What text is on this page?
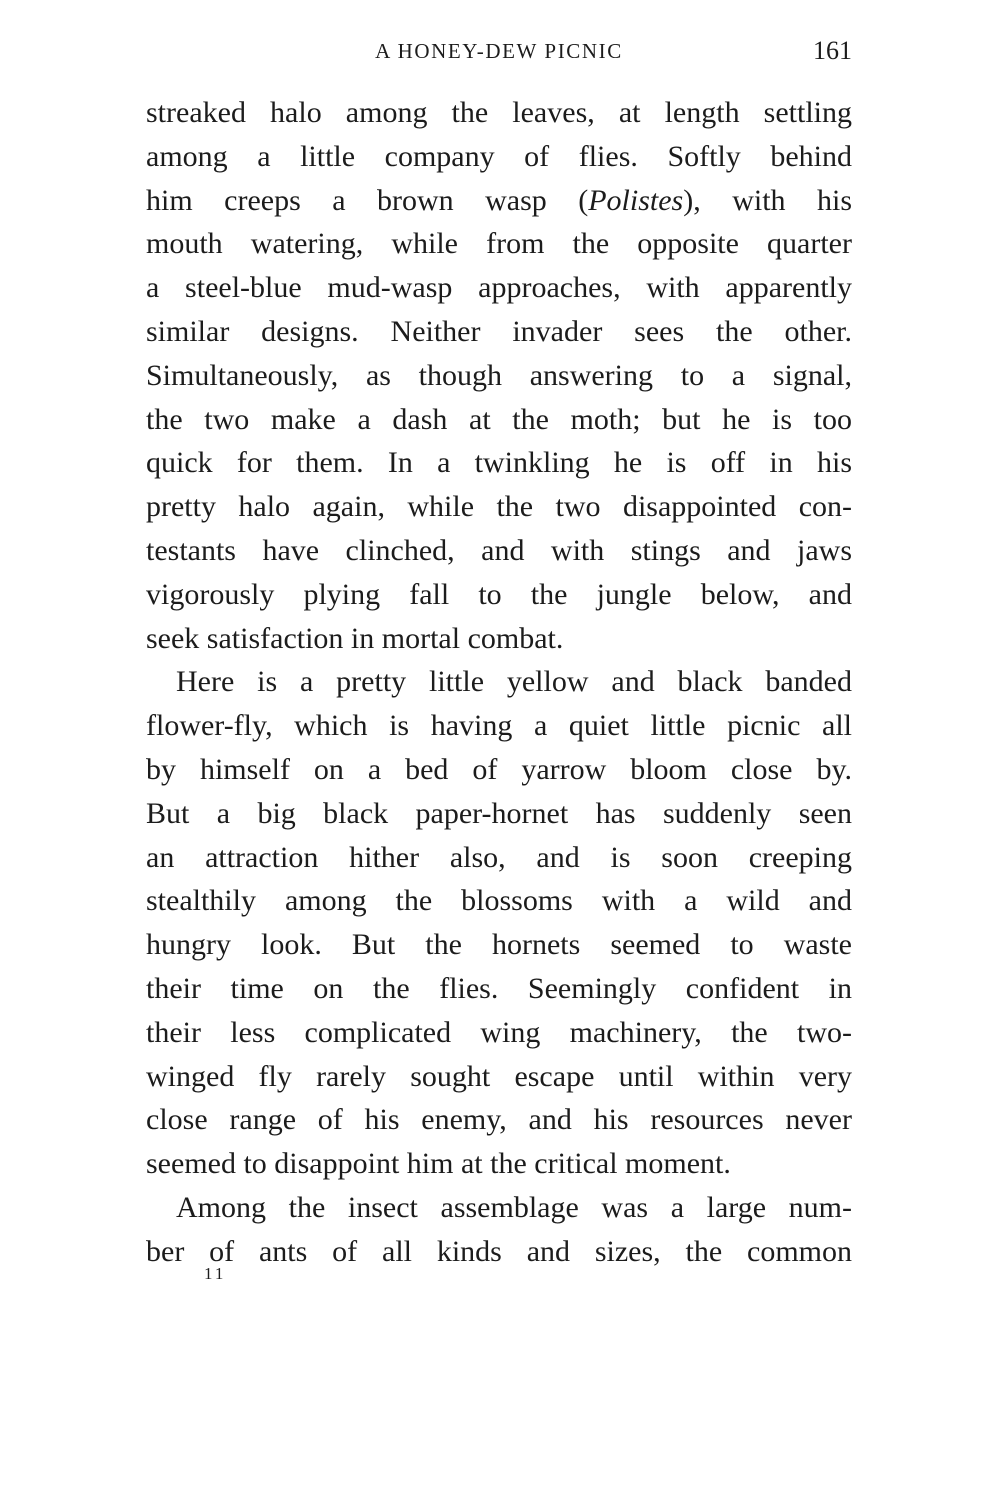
A HONEY-DEW PICNIC	161
streaked halo among the leaves, at length settling
among a little company of flies. Softly behind
him creeps a brown wasp (Polistes), with his
mouth watering, while from the opposite quarter
a steel-blue mud-wasp approaches, with apparently
similar designs. Neither invader sees the other.
Simultaneously, as though answering to a signal,
the two make a dash at the moth; but he is too
quick for them. In a twinkling he is off in his
pretty halo again, while the two disappointed con-
testants have clinched, and with stings and jaws
vigorously plying fall to the jungle below, and
seek satisfaction in mortal combat.
Here is a pretty little yellow and black banded
flower-fly, which is having a quiet little picnic all
by himself on a bed of yarrow bloom close by.
But a big black paper-hornet has suddenly seen
an attraction hither also, and is soon creeping
stealthily among the blossoms with a wild and
hungry look. But the hornets seemed to waste
their time on the flies. Seemingly confident in
their less complicated wing machinery, the two-
winged fly rarely sought escape until within very
close range of his enemy, and his resources never
seemed to disappoint him at the critical moment.
Among the insect assemblage was a large num-
ber of ants of all kinds and sizes, the common
11
